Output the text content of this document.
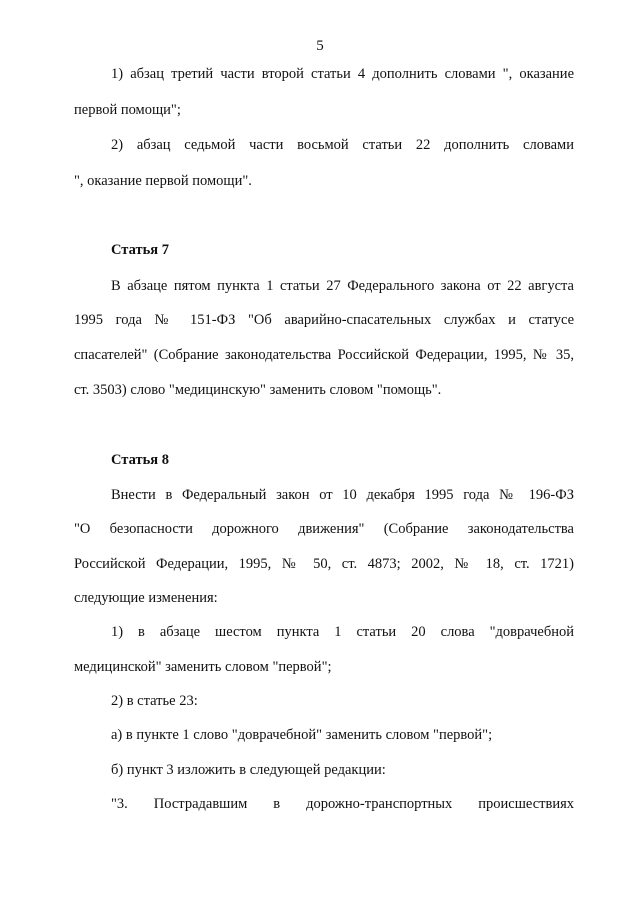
5

1) абзац третий части второй статьи 4 дополнить словами ", оказание

первой помощи";

2) абзац седьмой части восьмой статьи 22 дополнить словами

", оказание первой помощи".

Статья 7

В абзаце пятом пункта 1 статьи 27 Федерального закона от 22 августа

1995 года № 151-ФЗ "Об аварийно-спасательных службах и статусе

спасателей" (Собрание законодательства Российской Федерации, 1995, № 35,

ст. 3503) слово "медицинскую" заменить словом "помощь".

Статья 8

Внести в Федеральный закон от 10 декабря 1995 года № 196-ФЗ

"О безопасности дорожного движения" (Собрание законодательства

Российской Федерации, 1995, № 50, ст. 4873; 2002, № 18, ст. 1721)

следующие изменения:

1) в абзаце шестом пункта 1 статьи 20 слова "доврачебной

медицинской" заменить словом "первой";

2) в статье 23:

а) в пункте 1 слово "доврачебной" заменить словом "первой";

б) пункт 3 изложить в следующей редакции:

"3. Пострадавшим в дорожно-транспортных происшествиях
